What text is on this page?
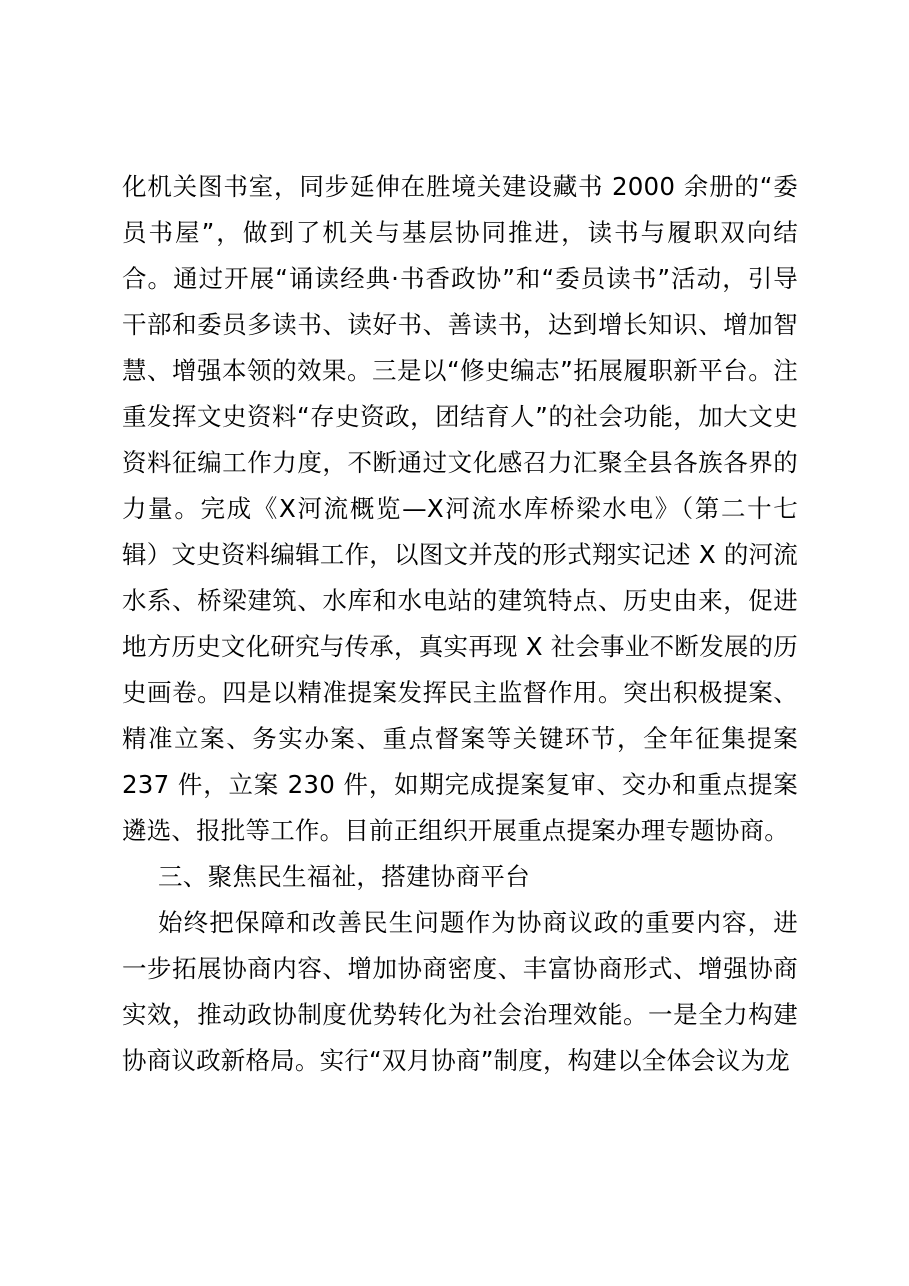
化机关图书室，同步延伸在胜境关建设藏书 2000 余册的“委员书屋”，做到了机关与基层协同推进，读书与履职双向结合。通过开展“诵读经典·书香政协”和“委员读书”活动，引导干部和委员多读书、读好书、善读书，达到增长知识、增加智慧、增强本领的效果。三是以“修史编志”拓展履职新平台。注重发挥文史资料“存史资政，团结育人”的社会功能，加大文史资料征编工作力度，不断通过文化感召力汇聚全县各族各界的力量。完成《X河流概览—X河流水库桥梁水电》（第二十七辑）文史资料编辑工作，以图文并茂的形式翔实记述 X 的河流水系、桥梁建筑、水库和水电站的建筑特点、历史由来，促进地方历史文化研究与传承，真实再现 X 社会事业不断发展的历史画卷。四是以精准提案发挥民主监督作用。突出积极提案、精准立案、务实办案、重点督案等关键环节，全年征集提案 237 件，立案 230 件，如期完成提案复审、交办和重点提案遴选、报批等工作。目前正组织开展重点提案办理专题协商。

三、聚焦民生福祉，搭建协商平台

始终把保障和改善民生问题作为协商议政的重要内容，进一步拓展协商内容、增加协商密度、丰富协商形式、增强协商实效，推动政协制度优势转化为社会治理效能。一是全力构建协商议政新格局。实行“双月协商”制度，构建以全体会议为龙
